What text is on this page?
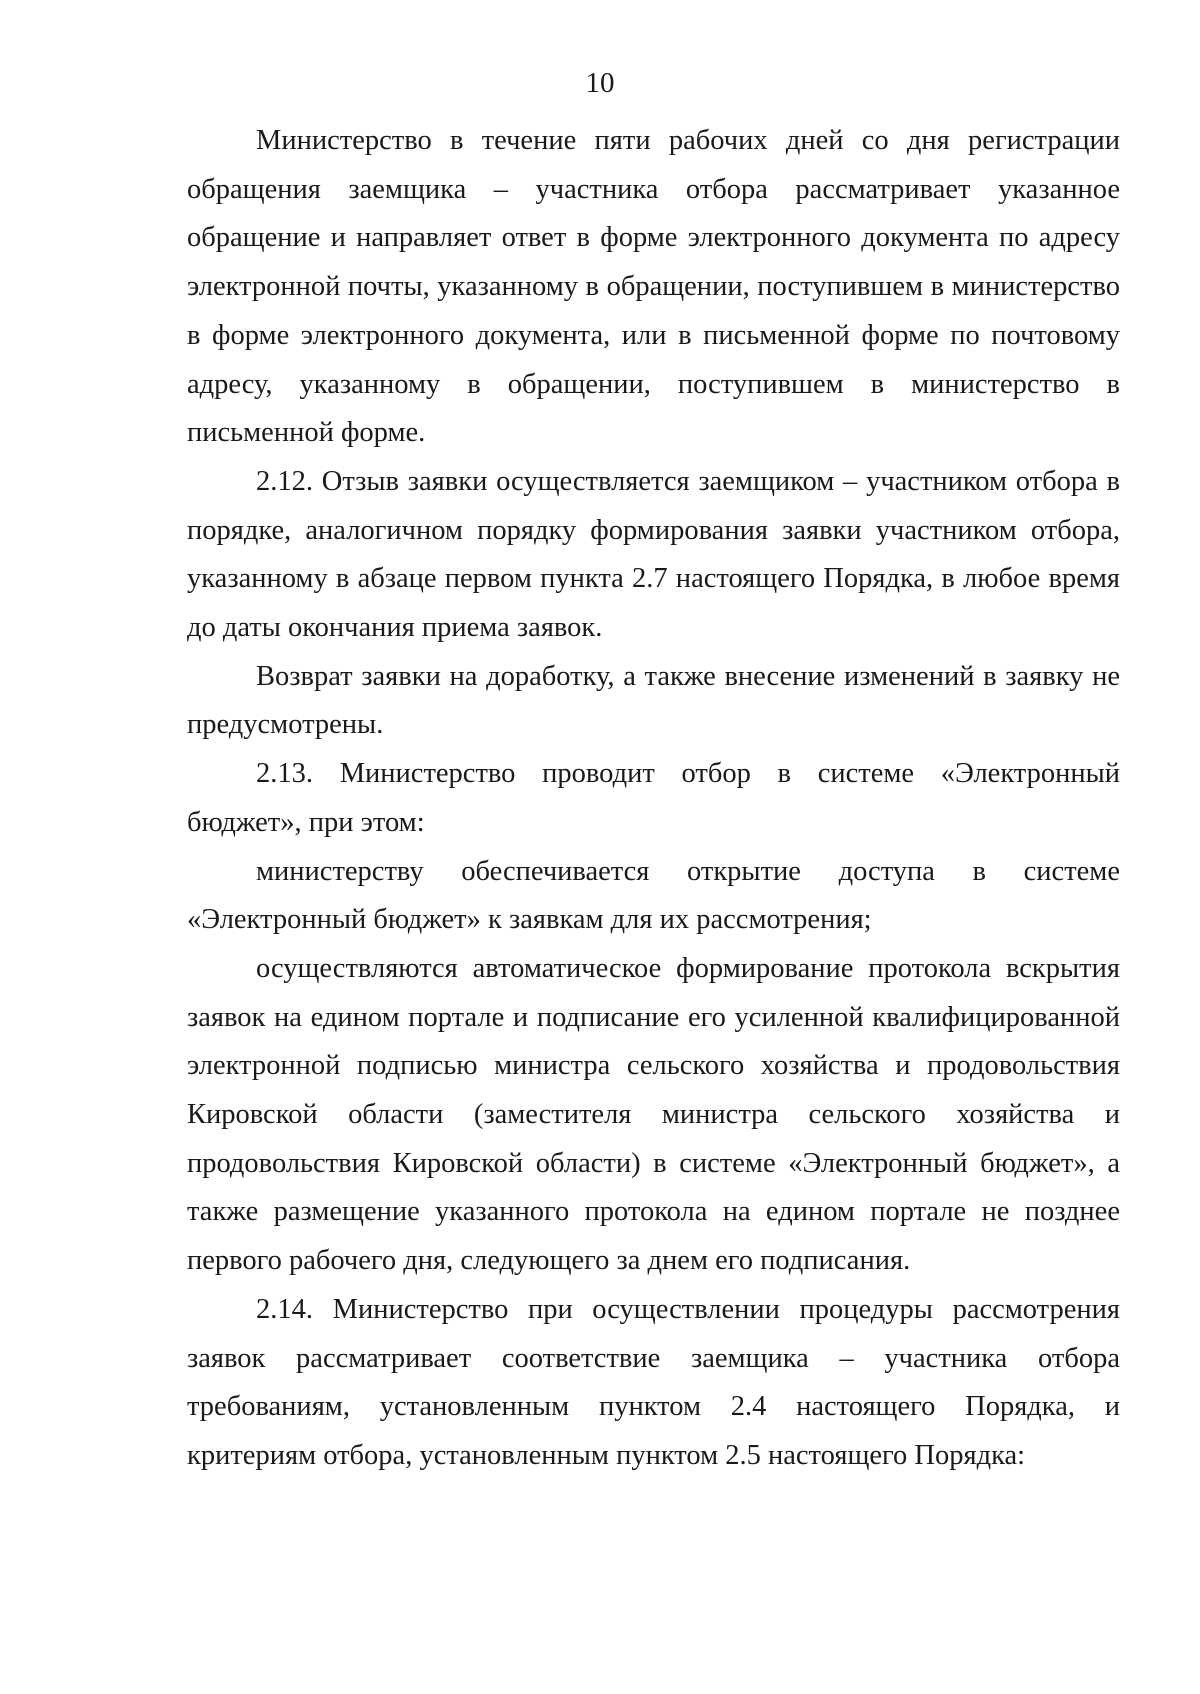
10

Министерство в течение пяти рабочих дней со дня регистрации обращения заемщика – участника отбора рассматривает указанное обращение и направляет ответ в форме электронного документа по адресу электронной почты, указанному в обращении, поступившем в министерство в форме электронного документа, или в письменной форме по почтовому адресу, указанному в обращении, поступившем в министерство в письменной форме.

2.12. Отзыв заявки осуществляется заемщиком – участником отбора в порядке, аналогичном порядку формирования заявки участником отбора, указанному в абзаце первом пункта 2.7 настоящего Порядка, в любое время до даты окончания приема заявок.

Возврат заявки на доработку, а также внесение изменений в заявку не предусмотрены.

2.13. Министерство проводит отбор в системе «Электронный бюджет», при этом:

министерству обеспечивается открытие доступа в системе «Электронный бюджет» к заявкам для их рассмотрения;

осуществляются автоматическое формирование протокола вскрытия заявок на едином портале и подписание его усиленной квалифицированной электронной подписью министра сельского хозяйства и продовольствия Кировской области (заместителя министра сельского хозяйства и продовольствия Кировской области) в системе «Электронный бюджет», а также размещение указанного протокола на едином портале не позднее первого рабочего дня, следующего за днем его подписания.

2.14. Министерство при осуществлении процедуры рассмотрения заявок рассматривает соответствие заемщика – участника отбора требованиям, установленным пунктом 2.4 настоящего Порядка, и критериям отбора, установленным пунктом 2.5 настоящего Порядка:
